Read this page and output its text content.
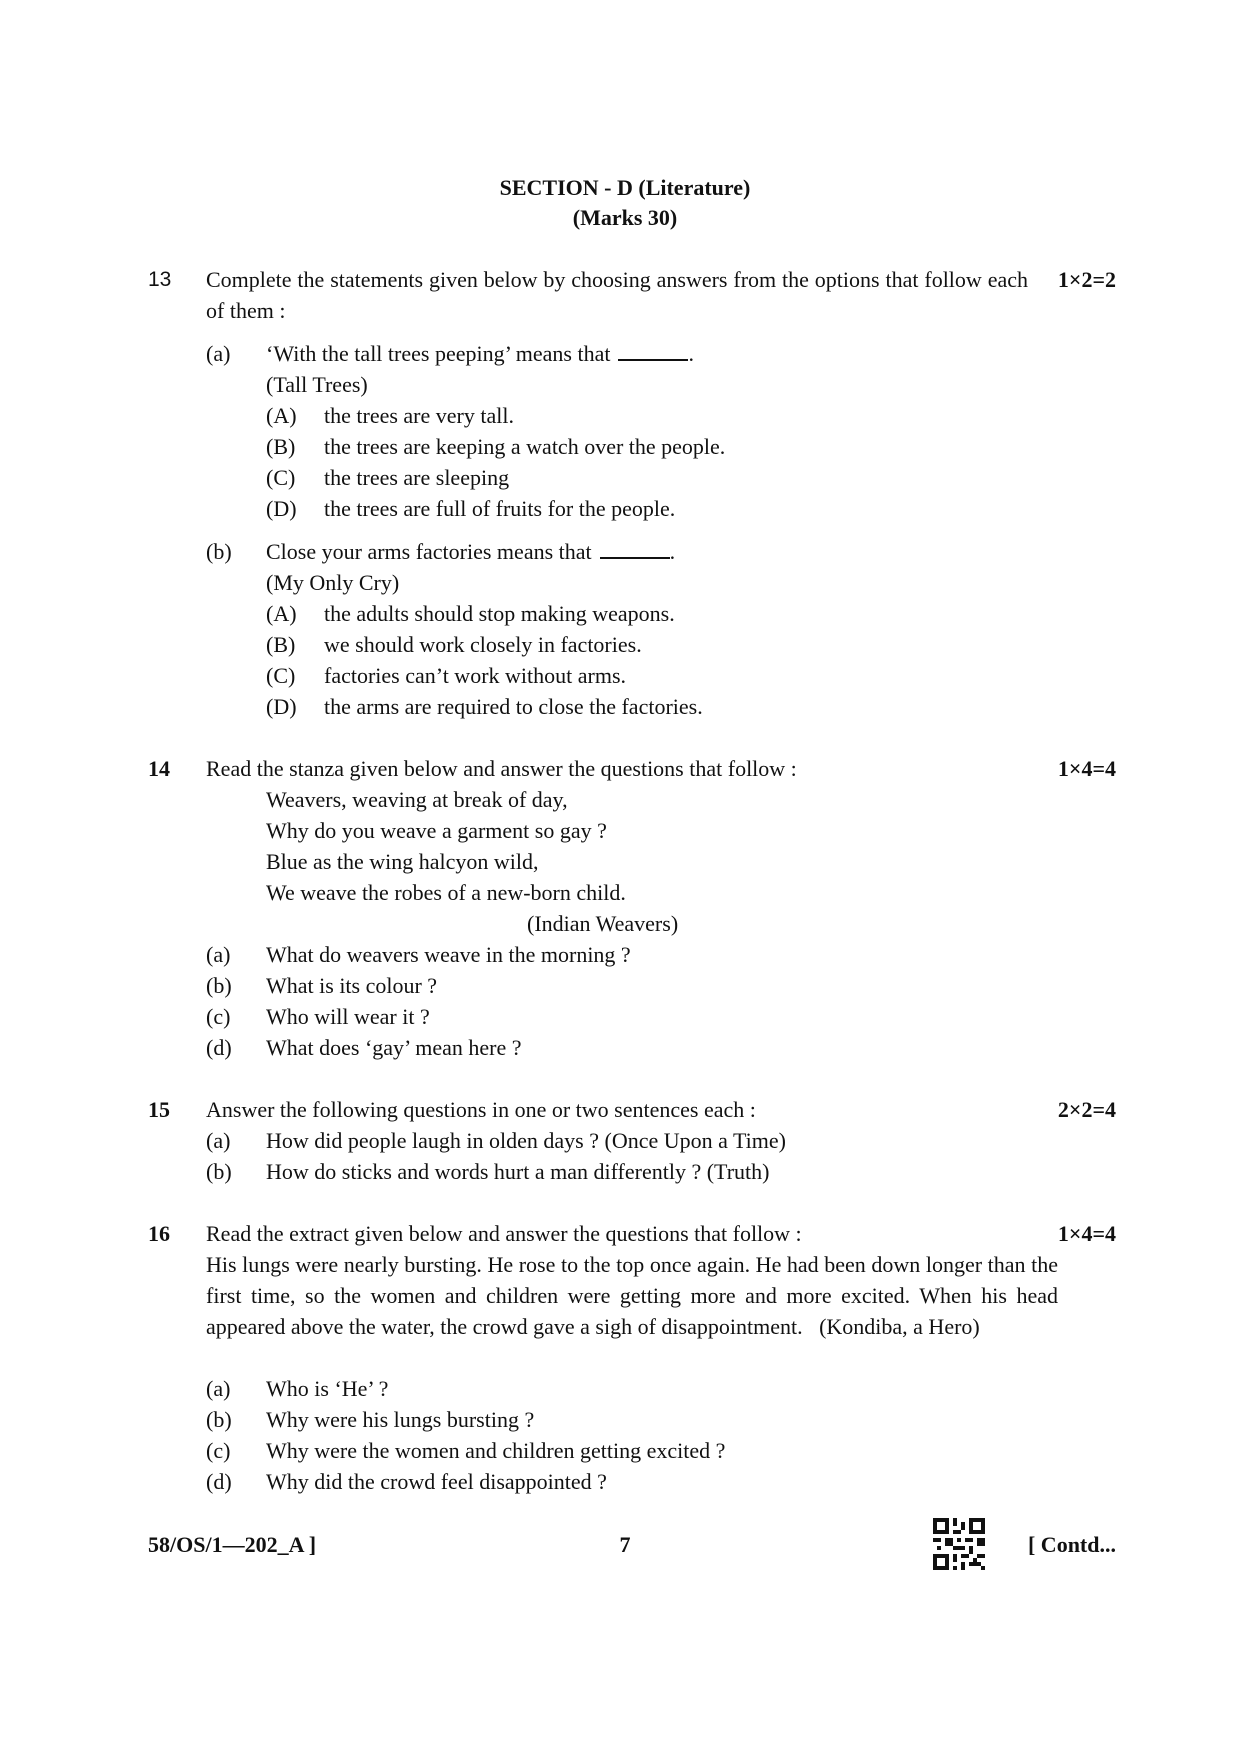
SECTION - D (Literature)
(Marks 30)
13 Complete the statements given below by choosing answers from the options that follow each of them :
1×2=2
(a) ‘With the tall trees peeping’ means that	.
(Tall Trees)
(A) the trees are very tall.
(B) the trees are keeping a watch over the people.
(C) the trees are sleeping
(D) the trees are full of fruits for the people.
(b) Close your arms factories means that	.
(My Only Cry)
(A) the adults should stop making weapons.
(B) we should work closely in factories.
(C) factories can’t work without arms.
(D) the arms are required to close the factories.
14 Read the stanza given below and answer the questions that follow :	1×4=4
Weavers, weaving at break of day,
Why do you weave a garment so gay ?
Blue as the wing halcyon wild,
We weave the robes of a new-born child.
(Indian Weavers)
(a) What do weavers weave in the morning ?
(b) What is its colour ?
(c) Who will wear it ?
(d) What does ‘gay’ mean here ?
15 Answer the following questions in one or two sentences each :	2×2=4
(a) How did people laugh in olden days ? (Once Upon a Time)
(b) How do sticks and words hurt a man differently ? (Truth)
16 Read the extract given below and answer the questions that follow :	1×4=4
His lungs were nearly bursting. He rose to the top once again. He had been down longer than the first time, so the women and children were getting more and more excited. When his head appeared above the water, the crowd gave a sigh of disappointment. (Kondiba, a Hero)
(a) Who is ‘He’ ?
(b) Why were his lungs bursting ?
(c) Why were the women and children getting excited ?
(d) Why did the crowd feel disappointed ?
58/OS/1—202_A ]	7	[ Contd...
